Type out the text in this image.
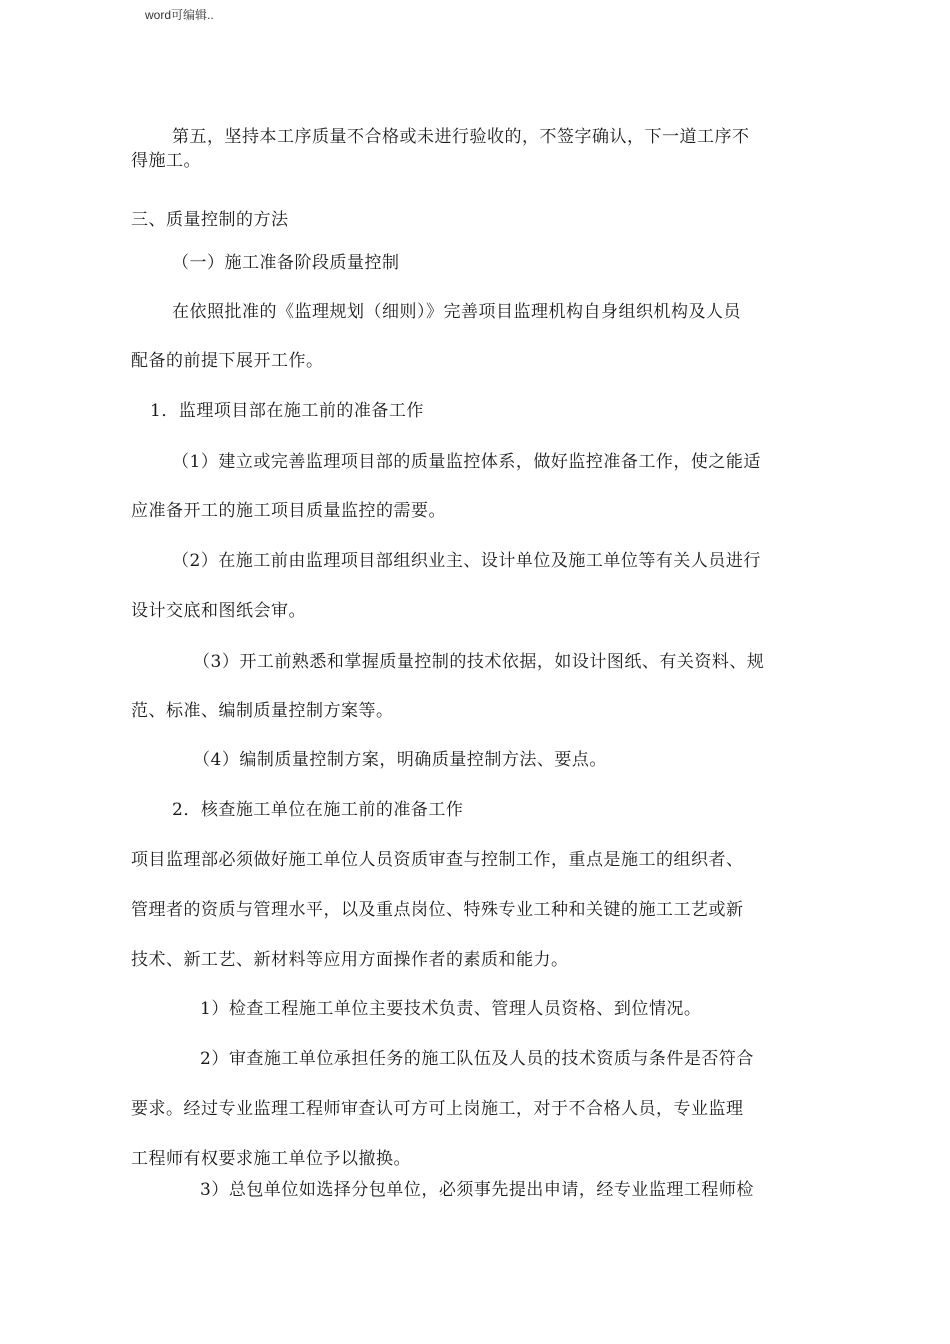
word可编辑..
第五，坚持本工序质量不合格或未进行验收的，不签字确认，下一道工序不
得施工。
三、质量控制的方法
（一）施工准备阶段质量控制
在依照批准的《监理规划（细则）》完善项目监理机构自身组织机构及人员
配备的前提下展开工作。
1．监理项目部在施工前的准备工作
（1）建立或完善监理项目部的质量监控体系，做好监控准备工作，使之能适
应准备开工的施工项目质量监控的需要。
（2）在施工前由监理项目部组织业主、设计单位及施工单位等有关人员进行
设计交底和图纸会审。
（3）开工前熟悉和掌握质量控制的技术依据，如设计图纸、有关资料、规
范、标准、编制质量控制方案等。
（4）编制质量控制方案，明确质量控制方法、要点。
2．核查施工单位在施工前的准备工作
项目监理部必须做好施工单位人员资质审查与控制工作，重点是施工的组织者、
管理者的资质与管理水平，以及重点岗位、特殊专业工种和关键的施工工艺或新
技术、新工艺、新材料等应用方面操作者的素质和能力。
1）检查工程施工单位主要技术负责、管理人员资格、到位情况。
2）审查施工单位承担任务的施工队伍及人员的技术资质与条件是否符合
要求。经过专业监理工程师审查认可方可上岗施工，对于不合格人员，专业监理
工程师有权要求施工单位予以撤换。
3）总包单位如选择分包单位，必须事先提出申请，经专业监理工程师检
